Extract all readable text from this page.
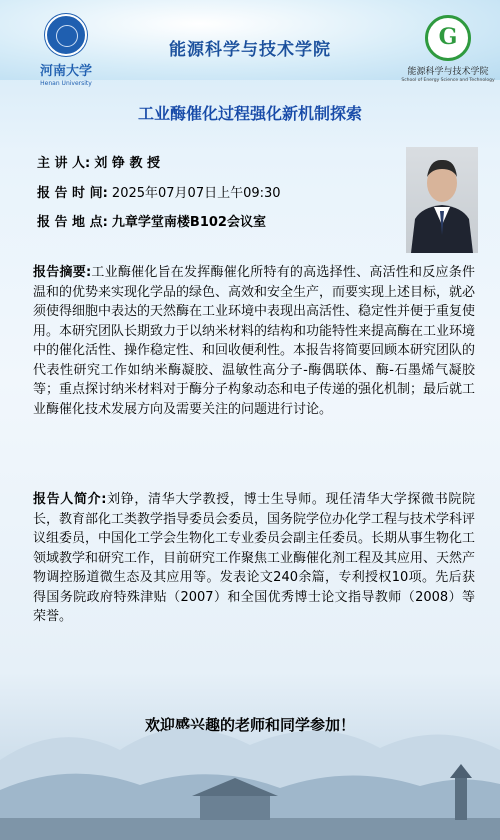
河南大学
Henan University
能源科学与技术学院
G
能源科学与技术学院
School of Energy Science and Technology
工业酶催化过程强化新机制探索
主 讲 人: 刘 铮 教 授
报 告 时 间: 2025年07月07日上午09:30
报 告 地 点: 九章学堂南楼B102会议室
报告摘要:工业酶催化旨在发挥酶催化所特有的高选择性、高活性和反应条件温和的优势来实现化学品的绿色、高效和安全生产，而要实现上述目标，就必须使得细胞中表达的天然酶在工业环境中表现出高活性、稳定性并便于重复使用。本研究团队长期致力于以纳米材料的结构和功能特性来提高酶在工业环境中的催化活性、操作稳定性、和回收便利性。本报告将简要回顾本研究团队的代表性研究工作如纳米酶凝胶、温敏性高分子-酶偶联体、酶-石墨烯气凝胶等；重点探讨纳米材料对于酶分子构象动态和电子传递的强化机制；最后就工业酶催化技术发展方向及需要关注的问题进行讨论。
报告人简介:刘铮，清华大学教授，博士生导师。现任清华大学探微书院院长，教育部化工类教学指导委员会委员，国务院学位办化学工程与技术学科评议组委员，中国化工学会生物化工专业委员会副主任委员。长期从事生物化工领域教学和研究工作，目前研究工作聚焦工业酶催化剂工程及其应用、天然产物调控肠道微生态及其应用等。发表论文240余篇，专利授权10项。先后获得国务院政府特殊津贴（2007）和全国优秀博士论文指导教师（2008）等荣誉。
欢迎感兴趣的老师和同学参加！
